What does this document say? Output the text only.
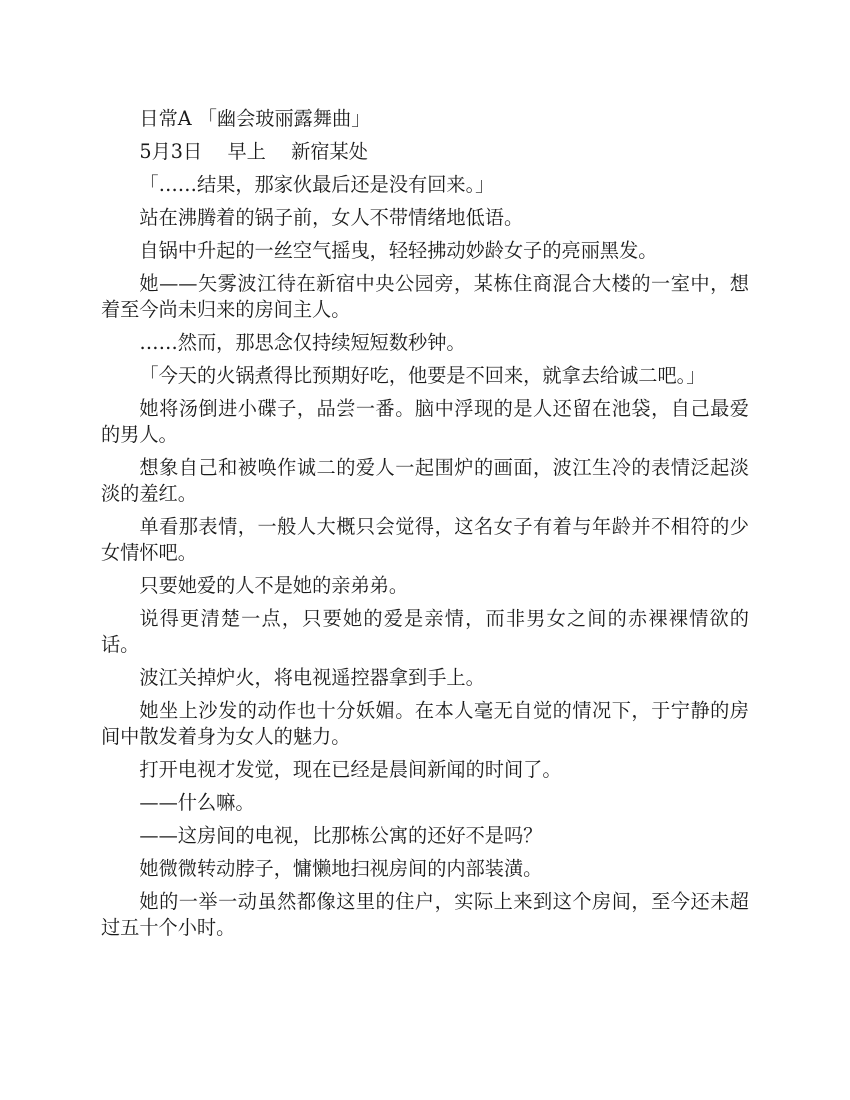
日常A 「幽会玻丽露舞曲」

5月3日　 早上　 新宿某处

「……结果，那家伙最后还是没有回来。」

站在沸腾着的锅子前，女人不带情绪地低语。

自锅中升起的一丝空气摇曳，轻轻拂动妙龄女子的亮丽黑发。

她——矢雾波江待在新宿中央公园旁，某栋住商混合大楼的一室中，想着至今尚未归来的房间主人。

……然而，那思念仅持续短短数秒钟。

「今天的火锅煮得比预期好吃，他要是不回来，就拿去给诚二吧。」

她将汤倒进小碟子，品尝一番。脑中浮现的是人还留在池袋，自己最爱的男人。

想象自己和被唤作诚二的爱人一起围炉的画面，波江生冷的表情泛起淡淡的羞红。

单看那表情，一般人大概只会觉得，这名女子有着与年龄并不相符的少女情怀吧。

只要她爱的人不是她的亲弟弟。

说得更清楚一点，只要她的爱是亲情，而非男女之间的赤裸裸情欲的话。

波江关掉炉火，将电视遥控器拿到手上。

她坐上沙发的动作也十分妖媚。在本人毫无自觉的情况下，于宁静的房间中散发着身为女人的魅力。

打开电视才发觉，现在已经是晨间新闻的时间了。

——什么嘛。

——这房间的电视，比那栋公寓的还好不是吗？

她微微转动脖子，慵懒地扫视房间的内部装潢。

她的一举一动虽然都像这里的住户，实际上来到这个房间，至今还未超过五十个小时。
